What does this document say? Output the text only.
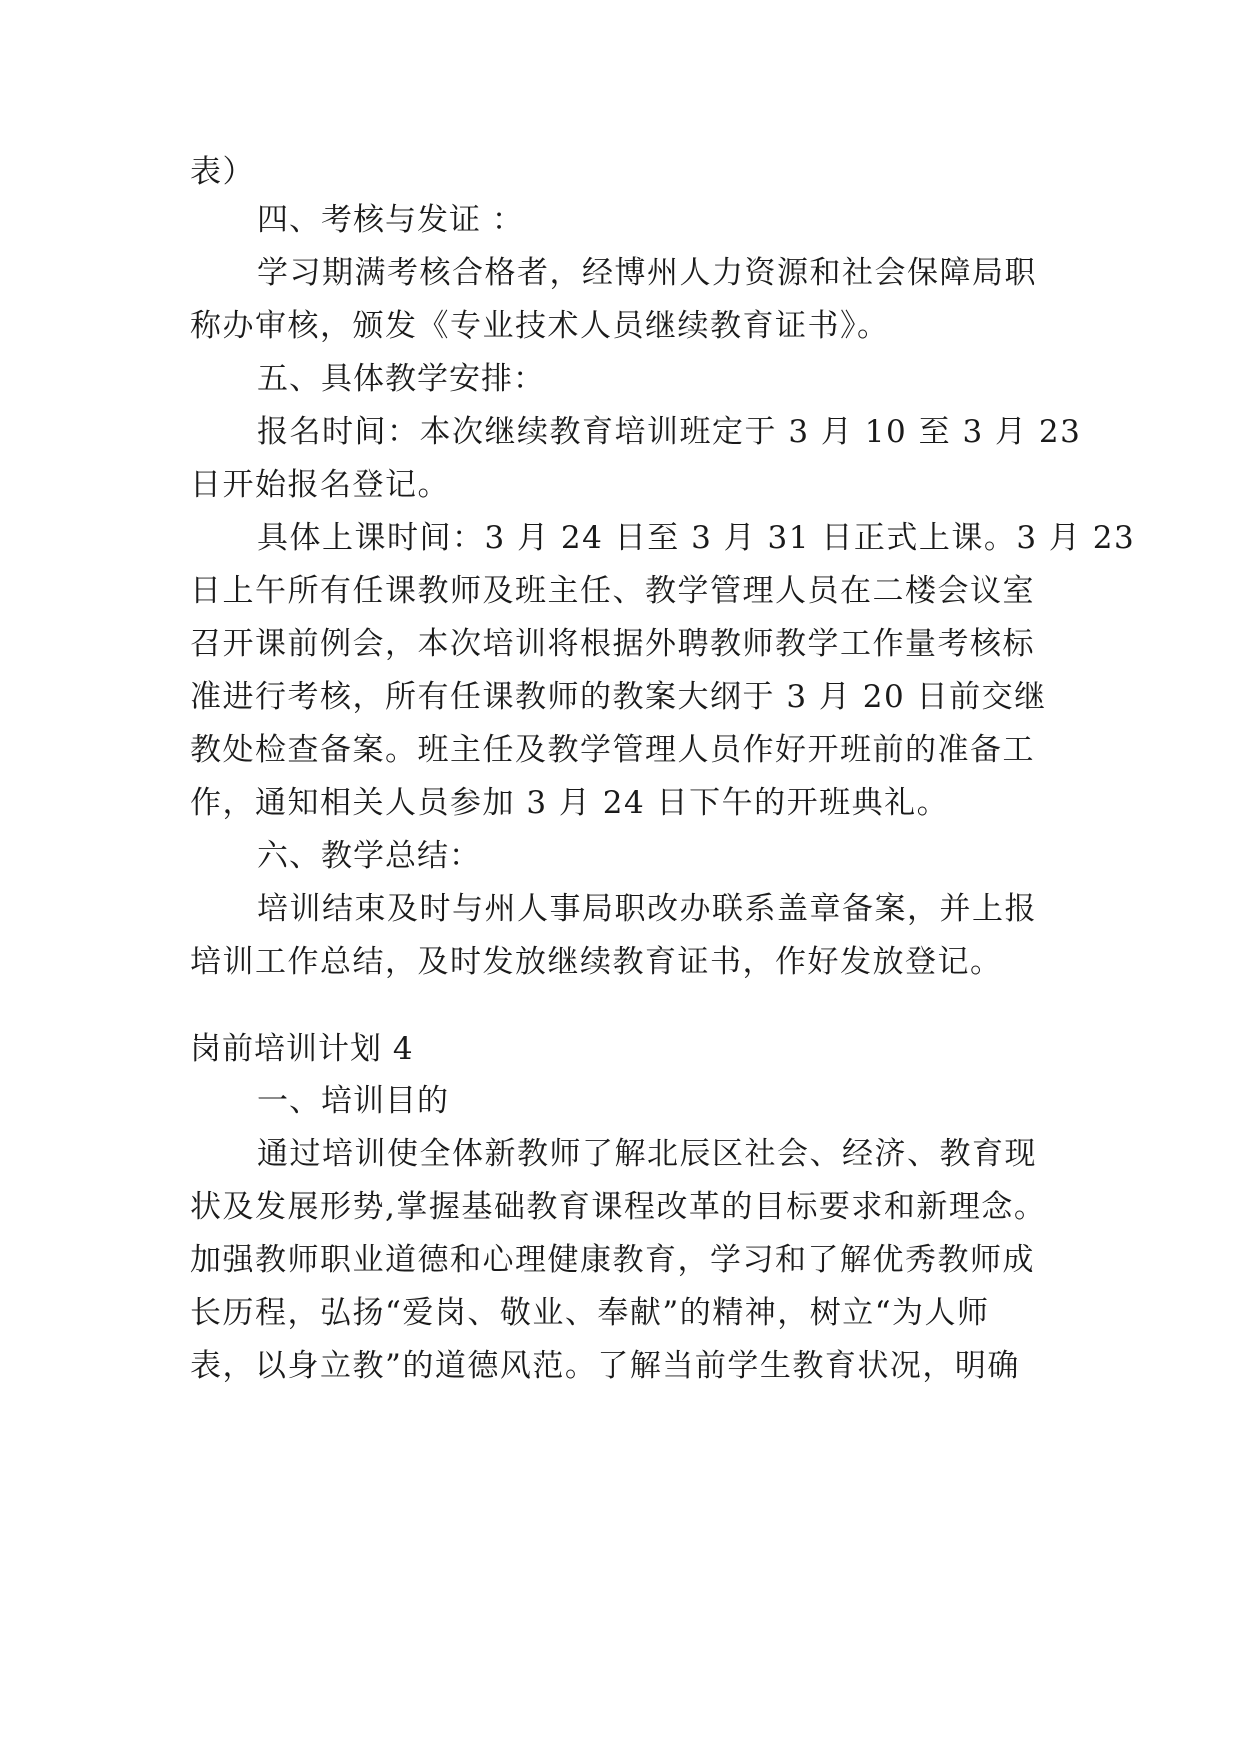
表）
四、考核与发证 ：
学习期满考核合格者，经博州人力资源和社会保障局职
称办审核，颁发《专业技术人员继续教育证书》。
五、具体教学安排：
报名时间：本次继续教育培训班定于 3 月 10 至 3 月 23
日开始报名登记。
具体上课时间：3 月 24 日至 3 月 31 日正式上课。3 月 23
日上午所有任课教师及班主任、教学管理人员在二楼会议室
召开课前例会，本次培训将根据外聘教师教学工作量考核标
准进行考核，所有任课教师的教案大纲于 3 月 20 日前交继
教处检查备案。班主任及教学管理人员作好开班前的准备工
作，通知相关人员参加 3 月 24 日下午的开班典礼。
六、教学总结：
培训结束及时与州人事局职改办联系盖章备案，并上报
培训工作总结，及时发放继续教育证书，作好发放登记。
岗前培训计划 4
一、培训目的
通过培训使全体新教师了解北辰区社会、经济、教育现
状及发展形势,掌握基础教育课程改革的目标要求和新理念。
加强教师职业道德和心理健康教育，学习和了解优秀教师成
长历程，弘扬“爱岗、敬业、奉献”的精神，树立“为人师
表，以身立教”的道德风范。了解当前学生教育状况，明确
